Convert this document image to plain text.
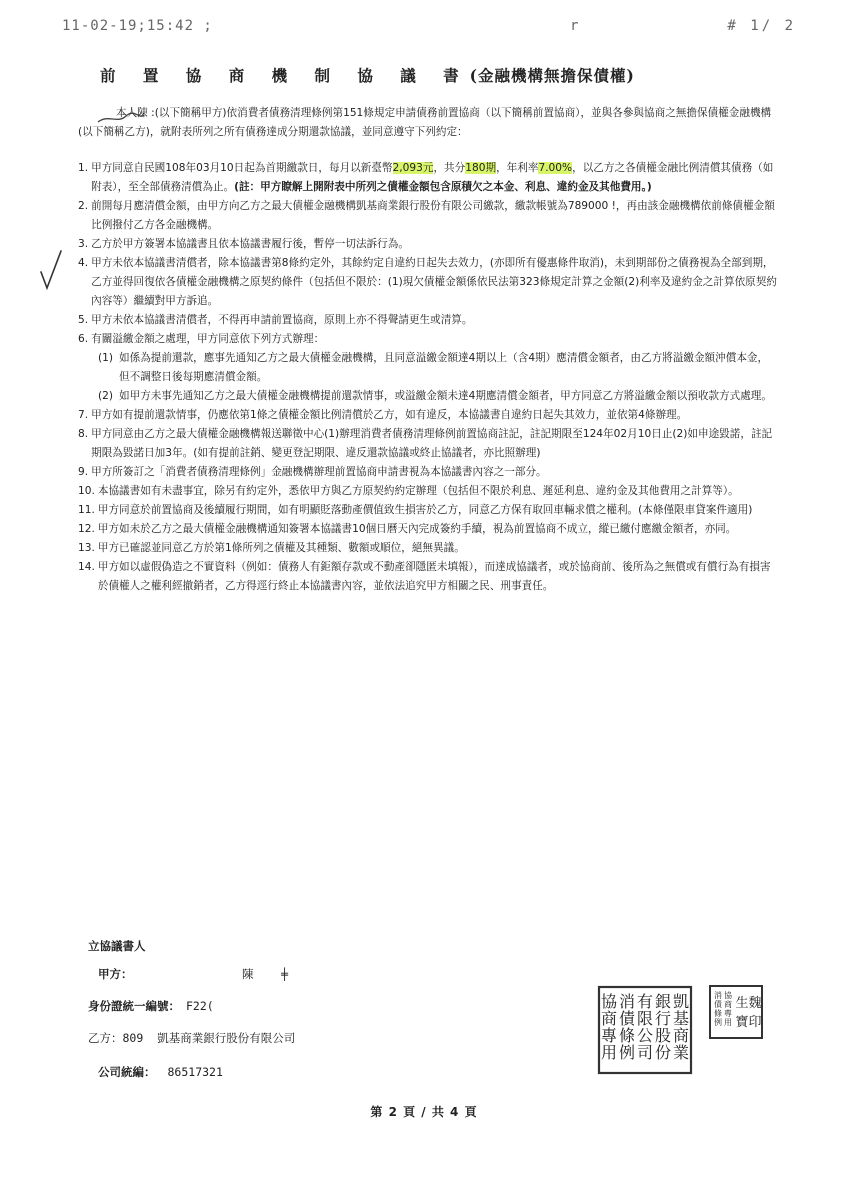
11-02-19;15:42 ;	r	# 1/ 2
前 置 協 商 機 制 協 議 書(金融機構無擔保債權)

本人陳 :(以下簡稱甲方)依消費者債務清理條例第151條規定申請債務前置協商（以下簡稱前置協商），並與各參與協商之無擔保債權金融機構(以下簡稱乙方)，就附表所列之所有債務達成分期還款協議，並同意遵守下列約定：

1. 甲方同意自民國108年03月10日起為首期繳款日，每月以新臺幣2,093元，共分180期，年利率7.00%，以乙方之各債權金融比例清償其債務（如附表），至全部債務清償為止。(註：甲方瞭解上開附表中所列之債權金額包含原積欠之本金、利息、違約金及其他費用。)
2. 前開每月應清償金額，由甲方向乙方之最大債權金融機構凱基商業銀行股份有限公司繳款，繳款帳號為789000 !，再由該金融機構依前條債權金額比例撥付乙方各金融機構。
3. 乙方於甲方簽署本協議書且依本協議書履行後，暫停一切法訴行為。
4. 甲方未依本協議書清償者，除本協議書第8條約定外，其餘約定自違約日起失去效力，(亦即所有優惠條件取消)，未到期部份之債務視為全部到期，乙方並得回復依各債權金融機構之原契約條件（包括但不限於：(1)現欠債權金額係依民法第323條規定計算之金額(2)利率及違約金之計算依原契約內容等）繼續對甲方訴追。
5. 甲方未依本協議書清償者，不得再申請前置協商，原則上亦不得聲請更生或清算。
6. 有關溢繳金額之處理，甲方同意依下列方式辦理：
(1) 如係為提前還款，應事先通知乙方之最大債權金融機構，且同意溢繳金額達4期以上（含4期）應清償金額者，由乙方將溢繳金額沖償本金，但不調整日後每期應清償金額。
(2) 如甲方未事先通知乙方之最大債權金融機構提前還款情事，或溢繳金額未達4期應清償金額者，甲方同意乙方將溢繳金額以預收款方式處理。
7. 甲方如有提前還款情事，仍應依第1條之債權金額比例清償於乙方，如有違反，本協議書自違約日起失其效力，並依第4條辦理。
8. 甲方同意由乙方之最大債權金融機構報送聯徵中心(1)辦理消費者債務清理條例前置協商註記，註記期限至124年02月10日止(2)如申途毀諾，註記期限為毀諾日加3年。(如有提前註銷、變更登記期限、違反還款協議或終止協議者，亦比照辦理)
9. 甲方所簽訂之「消費者債務清理條例」金融機構辦理前置協商申請書視為本協議書內容之一部分。
10. 本協議書如有未盡事宜，除另有約定外，悉依甲方與乙方原契約約定辦理（包括但不限於利息、遲延利息、違約金及其他費用之計算等）。
11. 甲方同意於前置協商及後續履行期間，如有明顯貶落動產價值致生損害於乙方，同意乙方保有取回車輛求償之權利。(本條僅限車貸案件適用)
12. 甲方如未於乙方之最大債權金融機構通知簽署本協議書10個日曆天內完成簽約手續，視為前置協商不成立，縱已繳付應繳金額者，亦同。
13. 甲方已確認並同意乙方於第1條所列之債權及其種類、數額或順位，絕無異議。
14. 甲方如以虛假偽造之不實資料（例如：債務人有鉅額存款或不動產卻隱匿未填報），而達成協議者，或於協商前、後所為之無償或有償行為有損害於債權人之權利經撤銷者，乙方得逕行終止本協議書內容，並依法追究甲方相關之民、刑事責任。
立協議書人
甲方：	陳 ╪
身份證統一編號： F22(
乙方：809 凱基商業銀行股份有限公司
公司統編： 86517321
協
商
專
用
消
債
條
例
有
限
公
司
銀
行
股
份
凱
基
商
業
消
債
條
例
協
商
專
用
生
寶
魏
印
第 2 頁 / 共 4 頁
